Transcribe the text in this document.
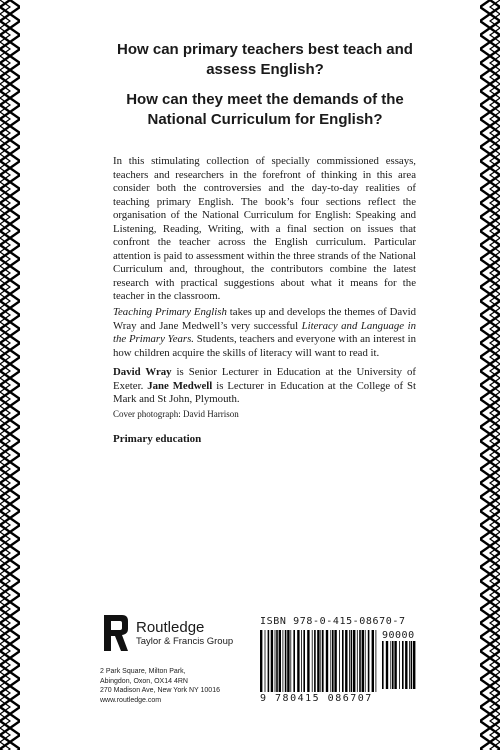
How can primary teachers best teach and assess English?
How can they meet the demands of the National Curriculum for English?
In this stimulating collection of specially commissioned essays, teachers and researchers in the forefront of thinking in this area consider both the controversies and the day-to-day realities of teaching primary English. The book’s four sections reflect the organisation of the National Curriculum for English: Speaking and Listening, Reading, Writing, with a final section on issues that confront the teacher across the English curriculum. Particular attention is paid to assessment within the three strands of the National Curriculum and, throughout, the contributors combine the latest research with practical suggestions about what it means for the teacher in the classroom.
Teaching Primary English takes up and develops the themes of David Wray and Jane Medwell’s very successful Literacy and Language in the Primary Years. Students, teachers and everyone with an interest in how children acquire the skills of literacy will want to read it.
David Wray is Senior Lecturer in Education at the University of Exeter. Jane Medwell is Lecturer in Education at the College of St Mark and St John, Plymouth.
Cover photograph: David Harrison
Primary education
Routledge
Taylor & Francis Group
2 Park Square, Milton Park,
Abingdon, Oxon, OX14 4RN
270 Madison Ave, New York NY 10016
www.routledge.com
ISBN 978-0-415-08670-7
90000
9 780415 086707
